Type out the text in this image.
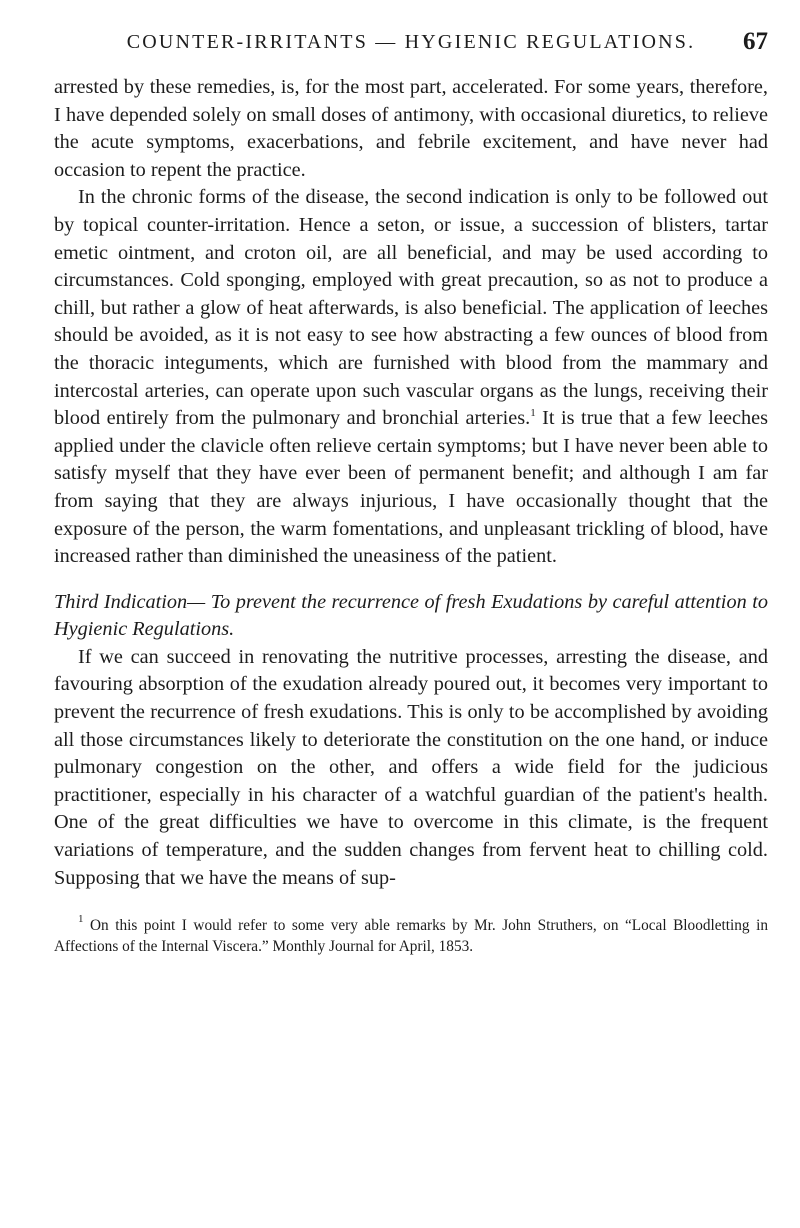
COUNTER-IRRITANTS — HYGIENIC REGULATIONS. 67

arrested by these remedies, is, for the most part, accelerated. For some years, therefore, I have depended solely on small doses of antimony, with occasional diuretics, to relieve the acute symptoms, exacerbations, and febrile excitement, and have never had occasion to repent the practice.

In the chronic forms of the disease, the second indication is only to be followed out by topical counter-irritation. Hence a seton, or issue, a succession of blisters, tartar emetic ointment, and croton oil, are all beneficial, and may be used according to circumstances. Cold sponging, employed with great precaution, so as not to produce a chill, but rather a glow of heat afterwards, is also beneficial. The application of leeches should be avoided, as it is not easy to see how abstracting a few ounces of blood from the thoracic integuments, which are furnished with blood from the mammary and intercostal arteries, can operate upon such vascular organs as the lungs, receiving their blood entirely from the pulmonary and bronchial arteries.$^1$ It is true that a few leeches applied under the clavicle often relieve certain symptoms; but I have never been able to satisfy myself that they have ever been of permanent benefit; and although I am far from saying that they are always injurious, I have occasionally thought that the exposure of the person, the warm fomentations, and unpleasant trickling of blood, have increased rather than diminished the uneasiness of the patient.

Third Indication— To prevent the recurrence of fresh Exudations by careful attention to Hygienic Regulations.

If we can succeed in renovating the nutritive processes, arresting the disease, and favouring absorption of the exudation already poured out, it becomes very important to prevent the recurrence of fresh exudations. This is only to be accomplished by avoiding all those circumstances likely to deteriorate the constitution on the one hand, or induce pulmonary congestion on the other, and offers a wide field for the judicious practitioner, especially in his character of a watchful guardian of the patient's health. One of the great difficulties we have to overcome in this climate, is the frequent variations of temperature, and the sudden changes from fervent heat to chilling cold. Supposing that we have the means of sup-

$^1$ On this point I would refer to some very able remarks by Mr. John Struthers, on “Local Bloodletting in Affections of the Internal Viscera.” Monthly Journal for April, 1853.
